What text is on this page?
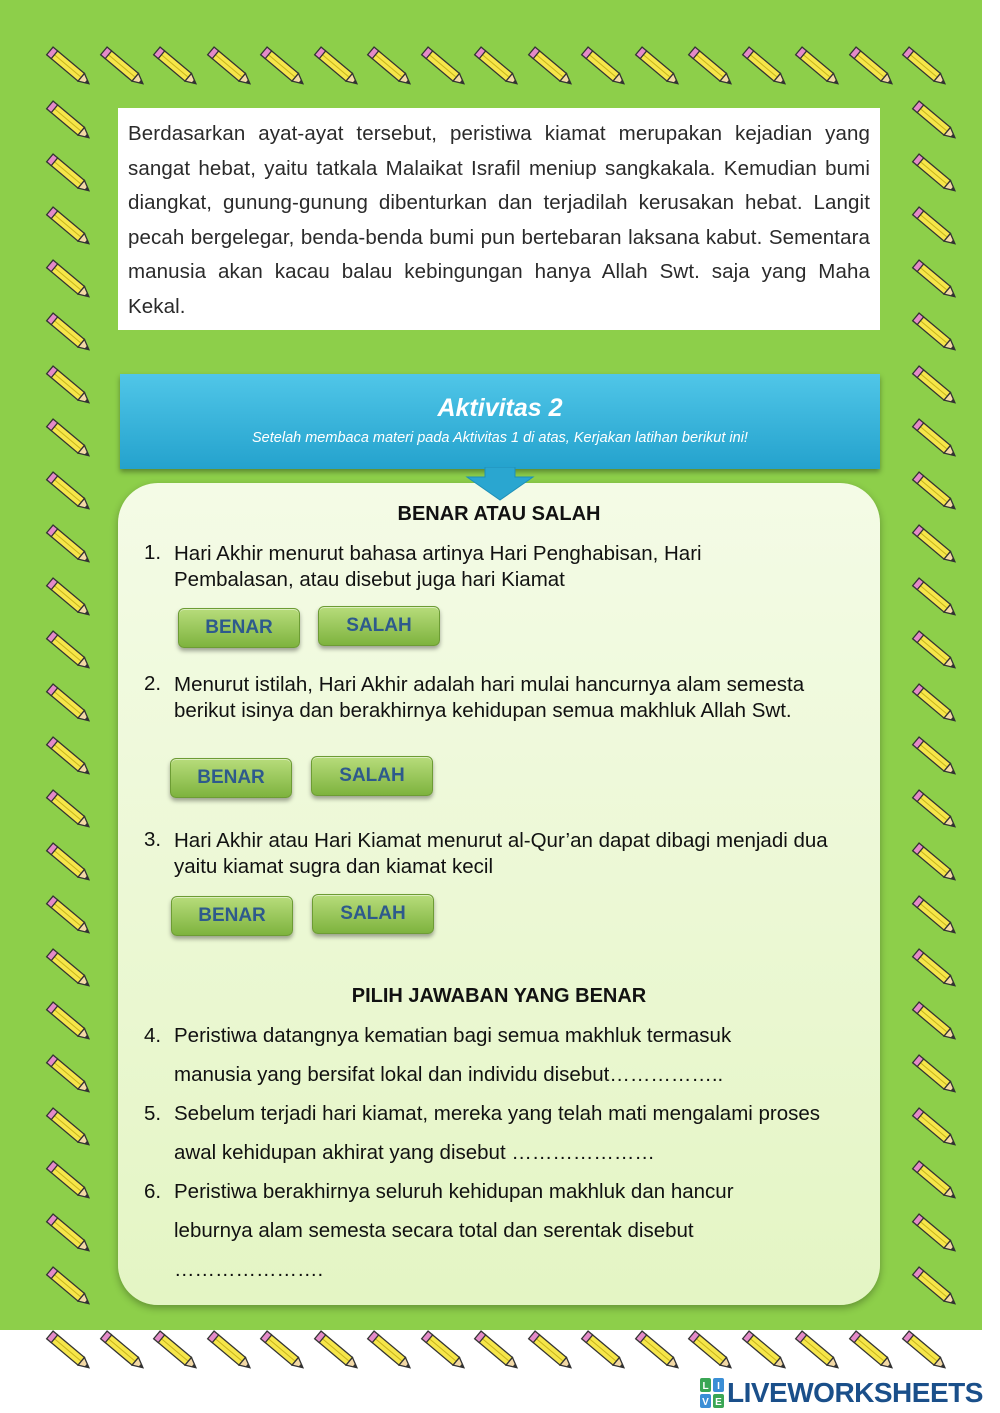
Berdasarkan ayat-ayat tersebut, peristiwa kiamat merupakan kejadian yang sangat hebat, yaitu tatkala Malaikat Israfil meniup sangkakala. Kemudian bumi diangkat, gunung-gunung dibenturkan dan terjadilah kerusakan hebat. Langit pecah bergelegar, benda-benda bumi pun bertebaran laksana kabut. Sementara manusia akan kacau balau kebingungan hanya Allah Swt. saja yang Maha Kekal.

Aktivitas 2
Setelah membaca materi pada Aktivitas 1 di atas, Kerjakan latihan berikut ini!
BENAR ATAU SALAH
1. Hari Akhir menurut bahasa artinya Hari Penghabisan, Hari Pembalasan, atau disebut juga hari Kiamat

BENAR	SALAH
2. Menurut istilah, Hari Akhir adalah hari mulai hancurnya alam semesta berikut isinya dan berakhirnya kehidupan semua makhluk Allah Swt.

BENAR	SALAH
3. Hari Akhir atau Hari Kiamat menurut al-Qur’an dapat dibagi menjadi dua yaitu kiamat sugra dan kiamat kecil

BENAR	SALAH
PILIH JAWABAN YANG BENAR
4. Peristiwa datangnya kematian bagi semua makhluk termasuk manusia yang bersifat lokal dan individu disebut……………..

5. Sebelum terjadi hari kiamat, mereka yang telah mati mengalami proses awal kehidupan akhirat yang disebut …………………

6. Peristiwa berakhirnya seluruh kehidupan makhluk dan hancur leburnya alam semesta secara total dan serentak disebut ………………….

L I
V E LIVEWORKSHEETS
